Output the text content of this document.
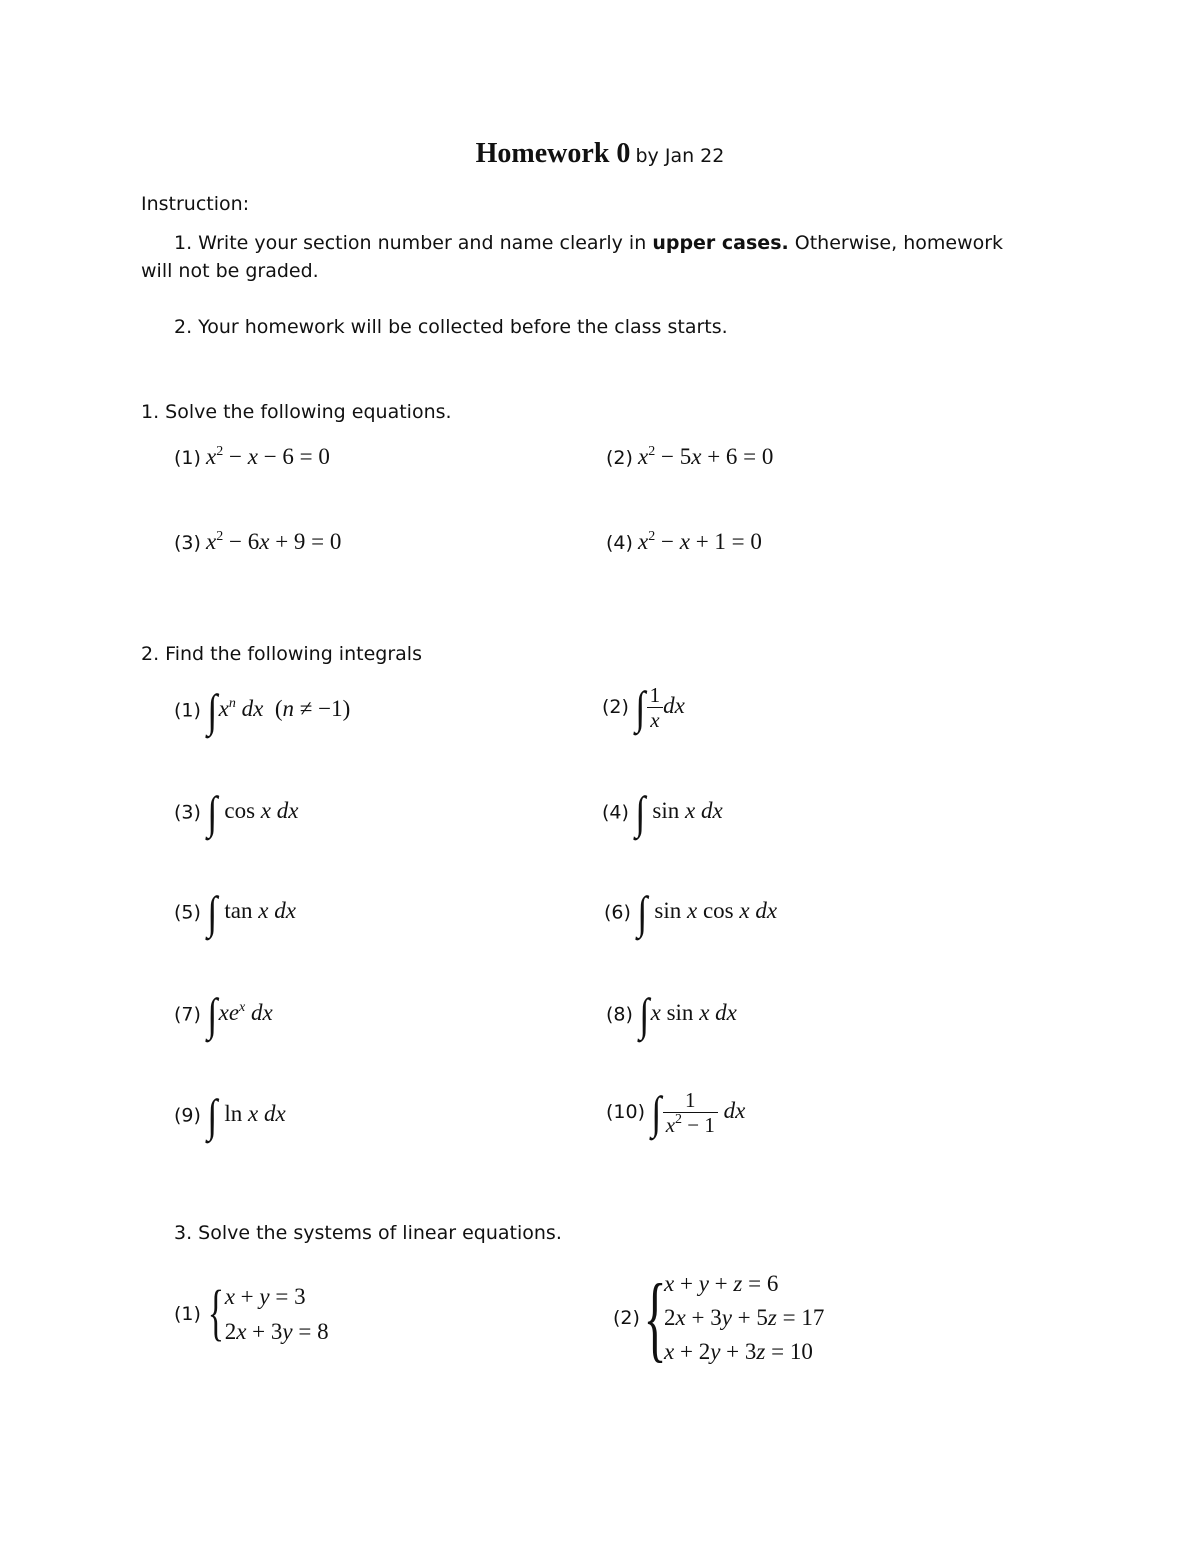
Homework 0 by Jan 22
Instruction:
1. Write your section number and name clearly in upper cases. Otherwise, homework
will not be graded.
2. Your homework will be collected before the class starts.
1. Solve the following equations.
(1) $x^2 - x - 6 = 0$	(2) $x^2 - 5x + 6 = 0$
(3) $x^2 - 6x + 9 = 0$	(4) $x^2 - x + 1 = 0$
2. Find the following integrals
(1) $\int x^n$ dx  (n ≠ −1)	(2) ∫ $\frac{1}{x}$ dx
(3) ∫ cos x dx	(4) ∫ sin x dx
(5) ∫ tan x dx	(6) ∫ sin x cos x dx
(7) $\int xe^x$ dx	(8) ∫x sin x dx
(9) ∫ ln x dx	(10) ∫ $\frac{1}{x^2 - 1}$ dx
3. Solve the systems of linear equations.
(1) { x + y = 3
2x + 3y = 8
(2) {
x + y + z = 6
2x + 3y + 5z = 17
x + 2y + 3z = 10
